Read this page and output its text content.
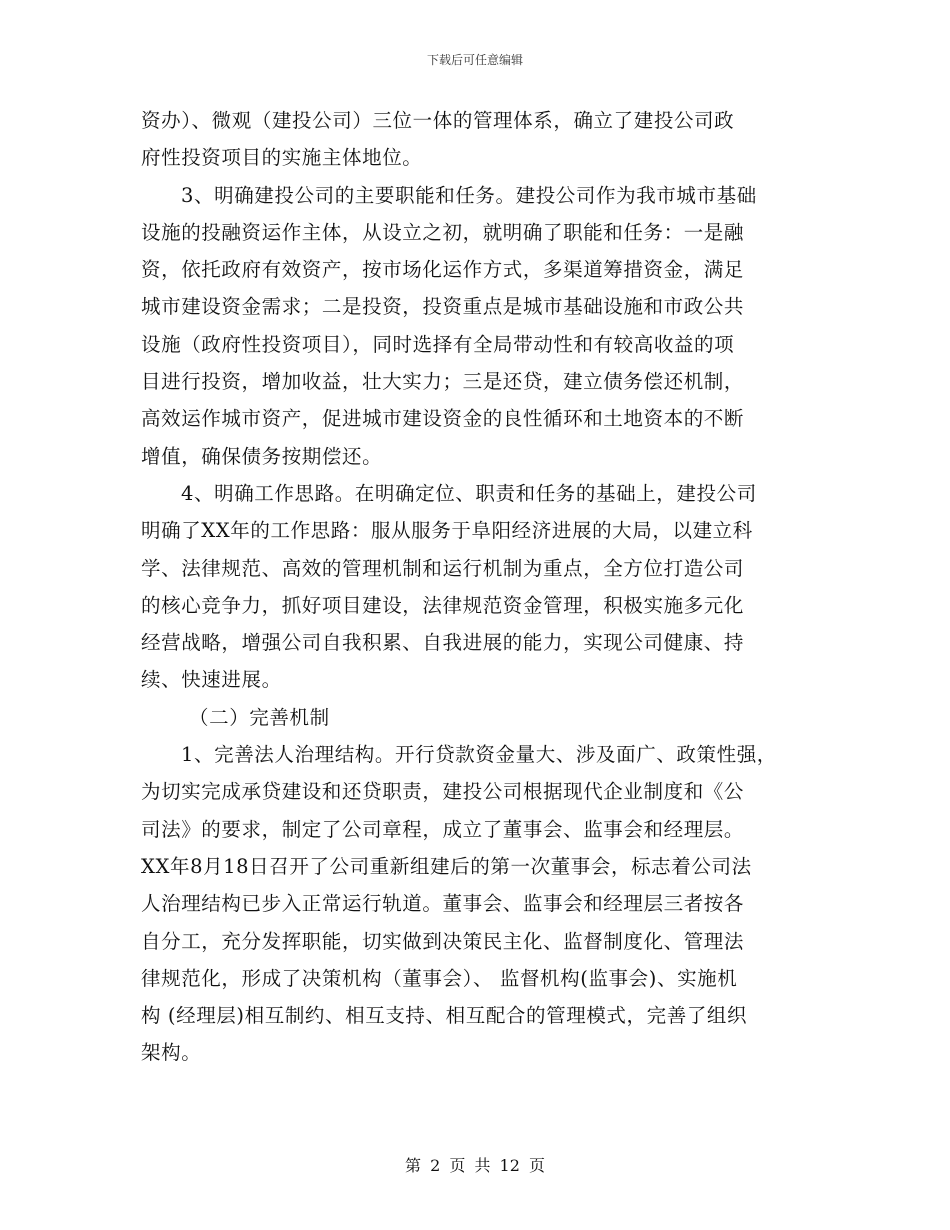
下载后可任意编辑
资办）、微观（建投公司）三位一体的管理体系，确立了建投公司政
府性投资项目的实施主体地位。
3、明确建投公司的主要职能和任务。建投公司作为我市城市基础
设施的投融资运作主体，从设立之初，就明确了职能和任务：一是融
资，依托政府有效资产，按市场化运作方式，多渠道筹措资金，满足
城市建设资金需求；二是投资，投资重点是城市基础设施和市政公共
设施（政府性投资项目），同时选择有全局带动性和有较高收益的项
目进行投资，增加收益，壮大实力；三是还贷，建立债务偿还机制，
高效运作城市资产，促进城市建设资金的良性循环和土地资本的不断
增值，确保债务按期偿还。
4、明确工作思路。在明确定位、职责和任务的基础上，建投公司
明确了XX年的工作思路：服从服务于阜阳经济进展的大局，以建立科
学、法律规范、高效的管理机制和运行机制为重点，全方位打造公司
的核心竞争力，抓好项目建设，法律规范资金管理，积极实施多元化
经营战略，增强公司自我积累、自我进展的能力，实现公司健康、持
续、快速进展。
（二）完善机制
1、完善法人治理结构。开行贷款资金量大、涉及面广、政策性强，
为切实完成承贷建设和还贷职责，建投公司根据现代企业制度和《公
司法》的要求，制定了公司章程，成立了董事会、监事会和经理层。
XX年8月18日召开了公司重新组建后的第一次董事会，标志着公司法
人治理结构已步入正常运行轨道。董事会、监事会和经理层三者按各
自分工，充分发挥职能，切实做到决策民主化、监督制度化、管理法
律规范化，形成了决策机构（董事会）、 监督机构(监事会)、实施机
构 (经理层)相互制约、相互支持、相互配合的管理模式，完善了组织
架构。
第 2 页 共 12 页
